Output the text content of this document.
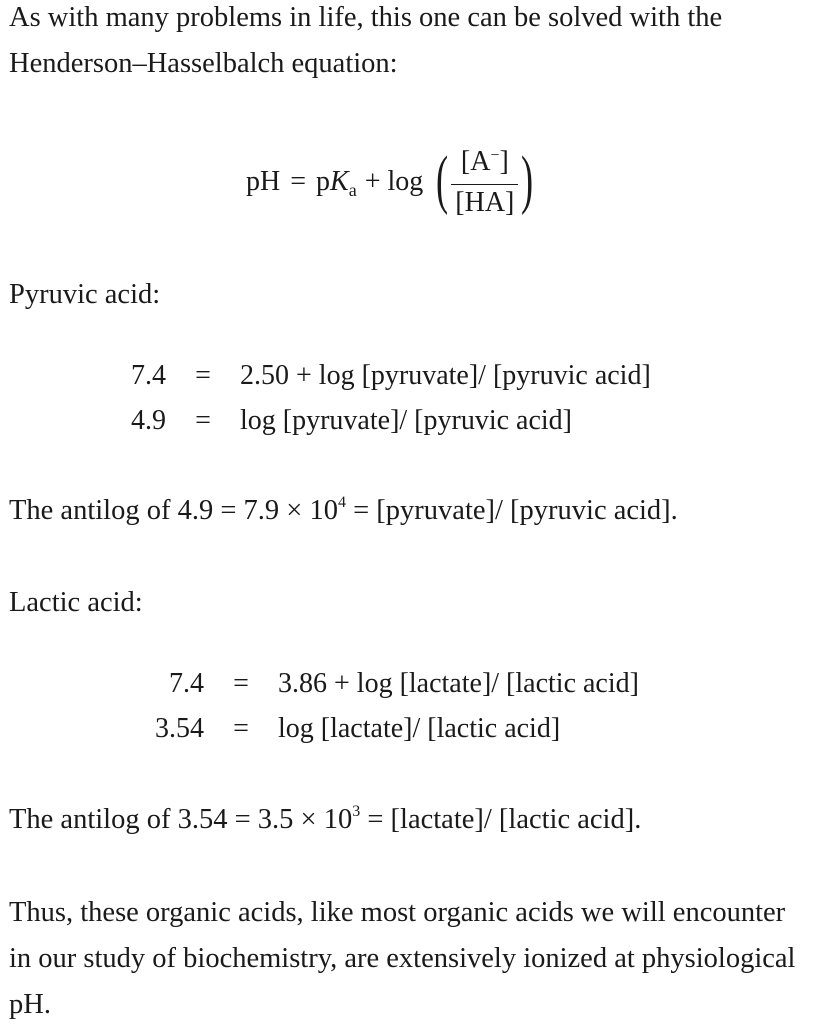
As with many problems in life, this one can be solved with the Henderson–Hasselbalch equation:

pH = $pK_a + \log$ ( $\frac{[A^-]}{[HA]}$ )

Pyruvic acid:

7.4	=	2.50 + log [pyruvate]/ [pyruvic acid]
4.9	=	log [pyruvate]/ [pyruvic acid]

The antilog of $4.9 = 7.9 \times 10^4$ = [pyruvate]/ [pyruvic acid].

Lactic acid:

7.4	=	3.86 + log [lactate]/ [lactic acid]
3.54	=	log [lactate]/ [lactic acid]

The antilog of $3.54 = 3.5 \times 10^3$ = [lactate]/ [lactic acid].

Thus, these organic acids, like most organic acids we will encounter in our study of biochemistry, are extensively ionized at physiological pH.
